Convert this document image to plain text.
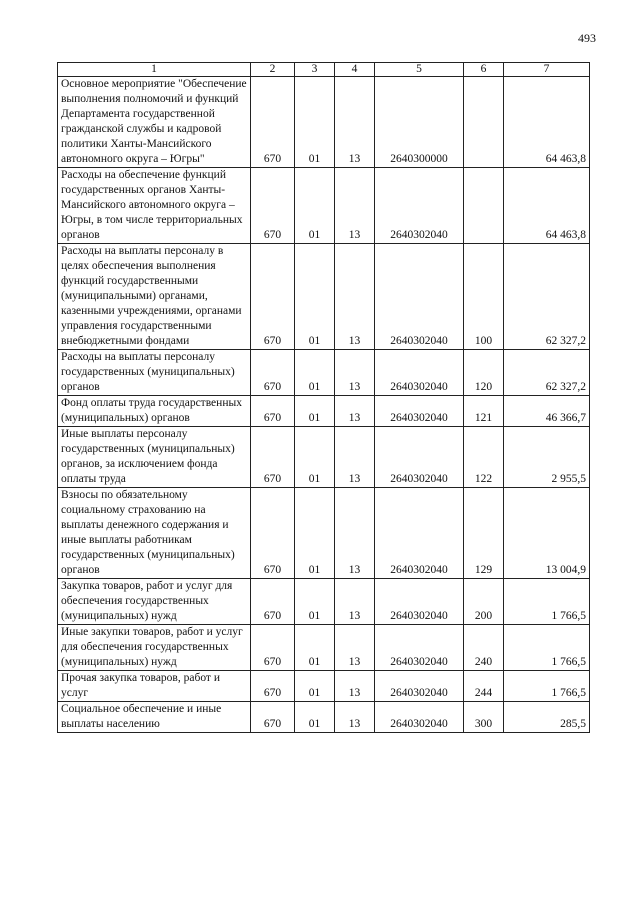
493
1	2	3	4	5	6	7
Основное мероприятие "Обеспечение выполнения полномочий и функций Департамента государственной гражданской службы и кадровой политики Ханты-Мансийского автономного округа – Югры"	670	01	13	2640300000		64 463,8
Расходы на обеспечение функций государственных органов Ханты-Мансийского автономного округа – Югры, в том числе территориальных органов	670	01	13	2640302040		64 463,8
Расходы на выплаты персоналу в целях обеспечения выполнения функций государственными (муниципальными) органами, казенными учреждениями, органами управления государственными внебюджетными фондами	670	01	13	2640302040	100	62 327,2
Расходы на выплаты персоналу государственных (муниципальных) органов	670	01	13	2640302040	120	62 327,2
Фонд оплаты труда государственных (муниципальных) органов	670	01	13	2640302040	121	46 366,7
Иные выплаты персоналу государственных (муниципальных) органов, за исключением фонда оплаты труда	670	01	13	2640302040	122	2 955,5
Взносы по обязательному социальному страхованию на выплаты денежного содержания и иные выплаты работникам государственных (муниципальных) органов	670	01	13	2640302040	129	13 004,9
Закупка товаров, работ и услуг для обеспечения государственных (муниципальных) нужд	670	01	13	2640302040	200	1 766,5
Иные закупки товаров, работ и услуг для обеспечения государственных (муниципальных) нужд	670	01	13	2640302040	240	1 766,5
Прочая закупка товаров, работ и услуг	670	01	13	2640302040	244	1 766,5
Социальное обеспечение и иные выплаты населению	670	01	13	2640302040	300	285,5
